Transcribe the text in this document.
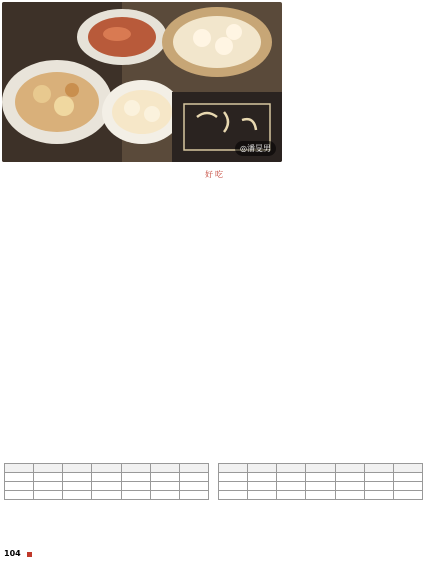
◎潘旻男

好吃

104
